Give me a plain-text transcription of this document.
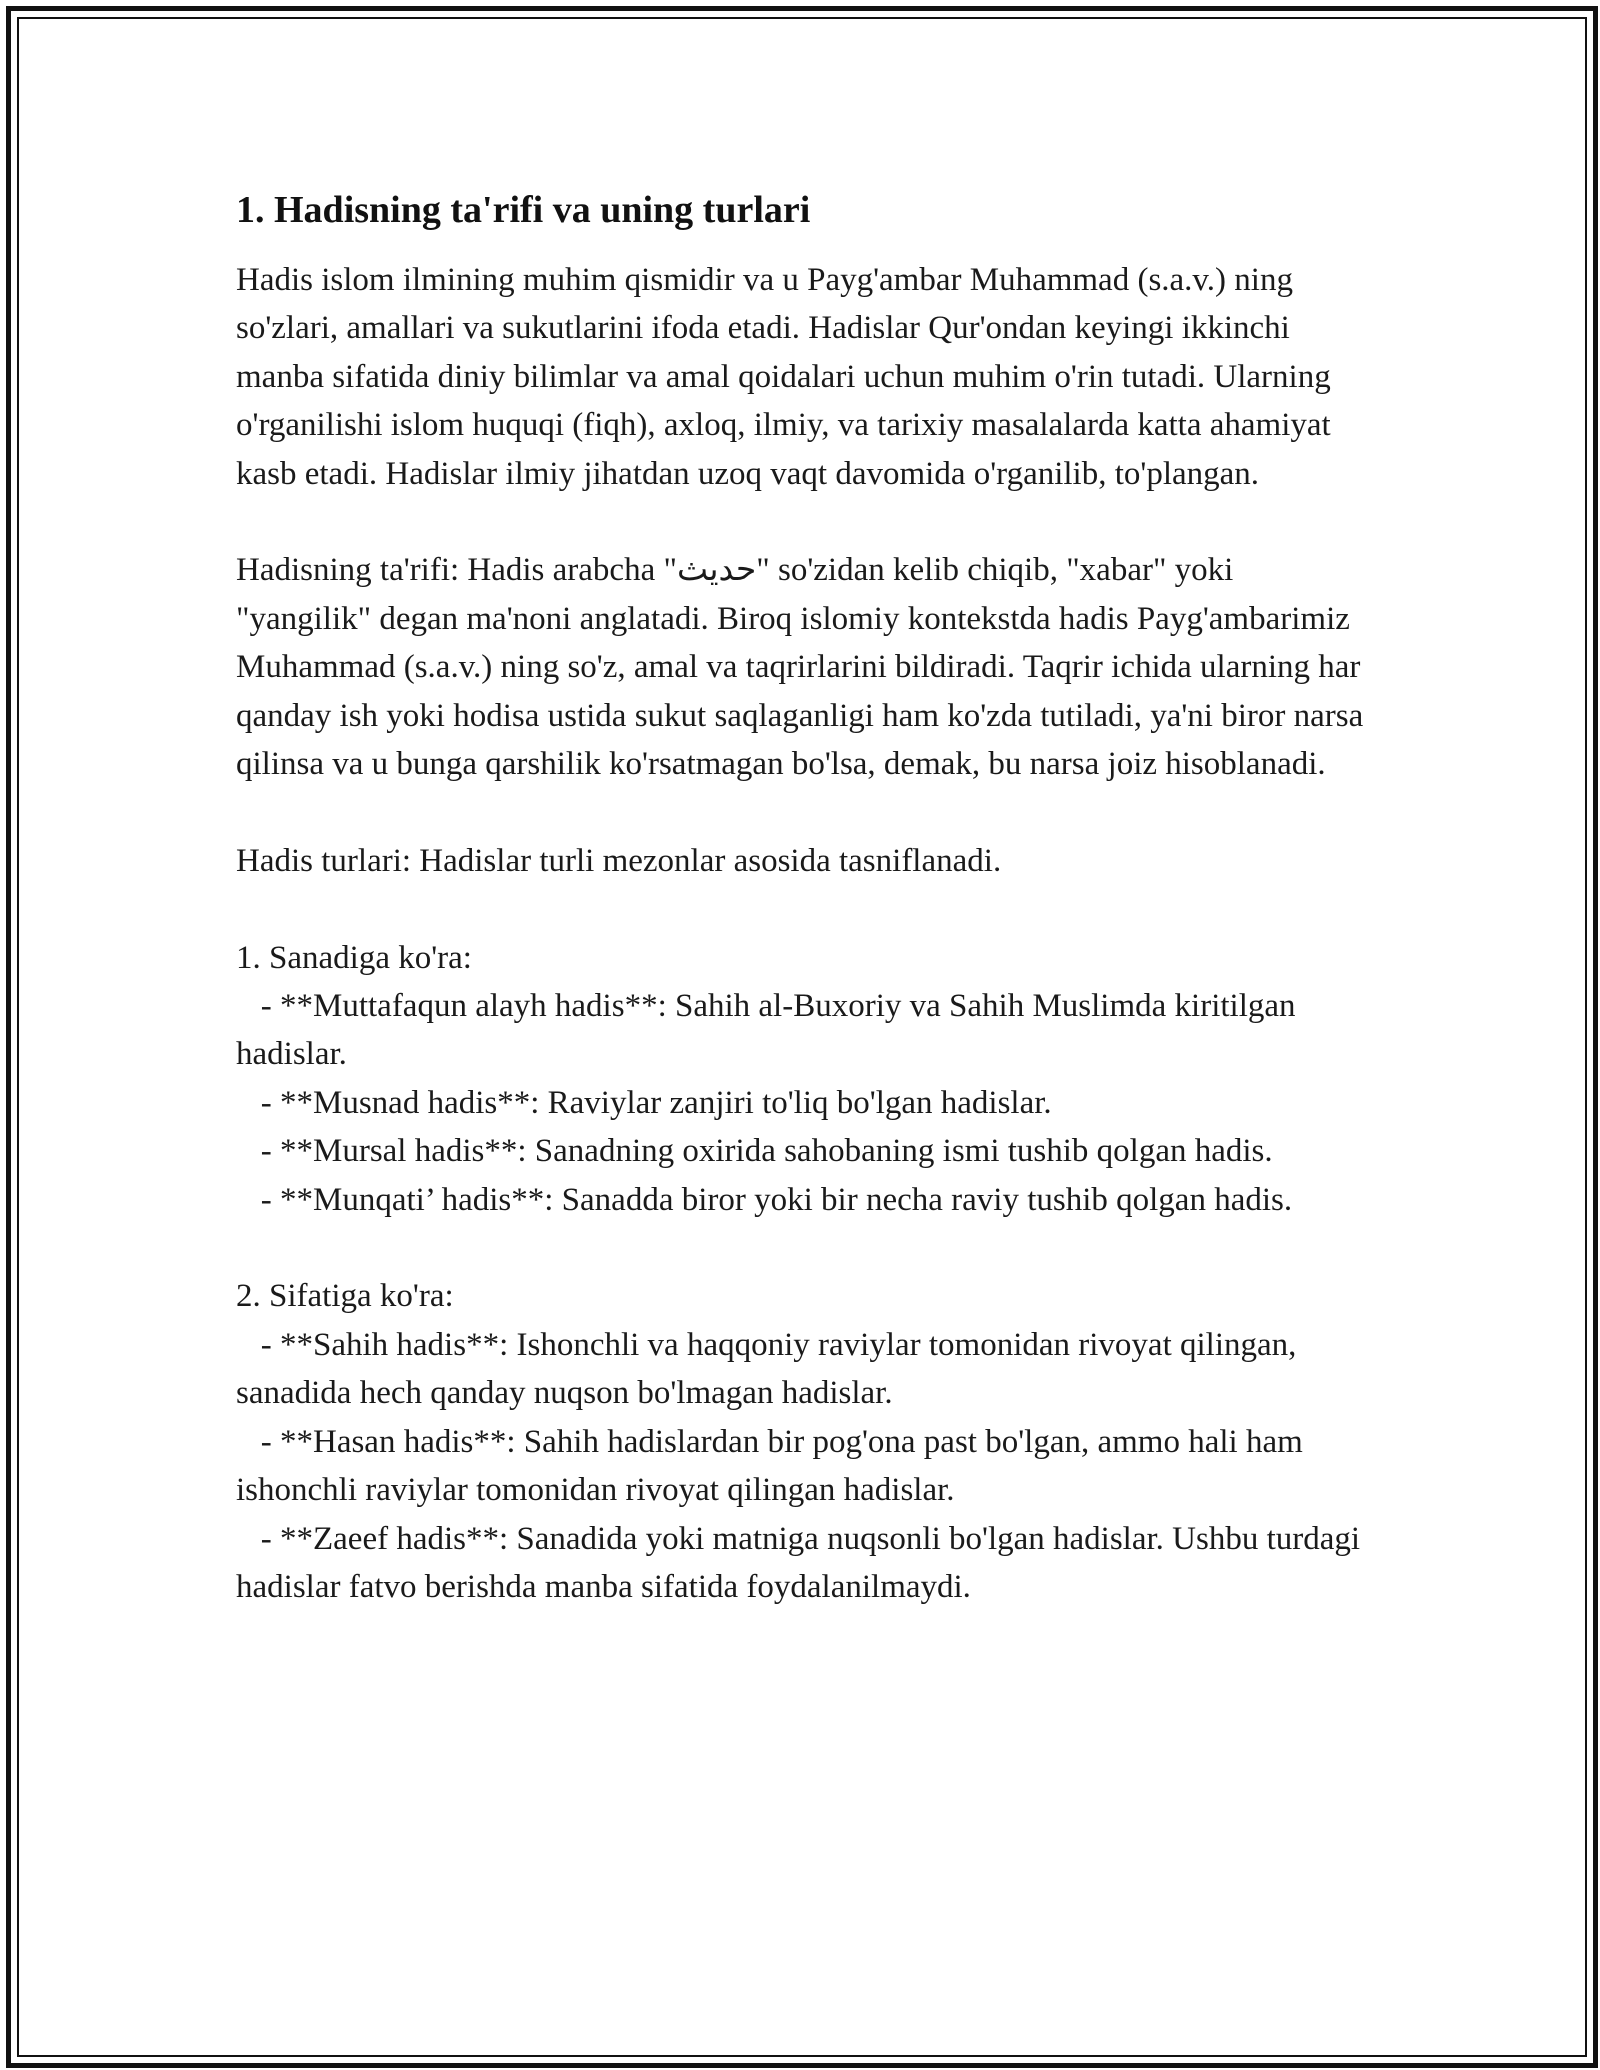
1. Hadisning ta'rifi va uning turlari

Hadis islom ilmining muhim qismidir va u Payg'ambar Muhammad (s.a.v.) ning so'zlari, amallari va sukutlarini ifoda etadi. Hadislar Qur'ondan keyingi ikkinchi manba sifatida diniy bilimlar va amal qoidalari uchun muhim o'rin tutadi. Ularning o'rganilishi islom huquqi (fiqh), axloq, ilmiy, va tarixiy masalalarda katta ahamiyat kasb etadi. Hadislar ilmiy jihatdan uzoq vaqt davomida o'rganilib, to'plangan.

Hadisning ta'rifi: Hadis arabcha "حديث" so'zidan kelib chiqib, "xabar" yoki "yangilik" degan ma'noni anglatadi. Biroq islomiy kontekstda hadis Payg'ambarimiz Muhammad (s.a.v.) ning so'z, amal va taqrirlarini bildiradi. Taqrir ichida ularning har qanday ish yoki hodisa ustida sukut saqlaganligi ham ko'zda tutiladi, ya'ni biror narsa qilinsa va u bunga qarshilik ko'rsatmagan bo'lsa, demak, bu narsa joiz hisoblanadi.

Hadis turlari: Hadislar turli mezonlar asosida tasniflanadi.

1. Sanadiga ko'ra:

- **Muttafaqun alayh hadis**: Sahih al-Buxoriy va Sahih Muslimda kiritilgan hadislar.

- **Musnad hadis**: Raviylar zanjiri to'liq bo'lgan hadislar.

- **Mursal hadis**: Sanadning oxirida sahobaning ismi tushib qolgan hadis.

- **Munqati’ hadis**: Sanadda biror yoki bir necha raviy tushib qolgan hadis.

2. Sifatiga ko'ra:

- **Sahih hadis**: Ishonchli va haqqoniy raviylar tomonidan rivoyat qilingan, sanadida hech qanday nuqson bo'lmagan hadislar.

- **Hasan hadis**: Sahih hadislardan bir pog'ona past bo'lgan, ammo hali ham ishonchli raviylar tomonidan rivoyat qilingan hadislar.

- **Zaeef hadis**: Sanadida yoki matniga nuqsonli bo'lgan hadislar. Ushbu turdagi hadislar fatvo berishda manba sifatida foydalanilmaydi.
